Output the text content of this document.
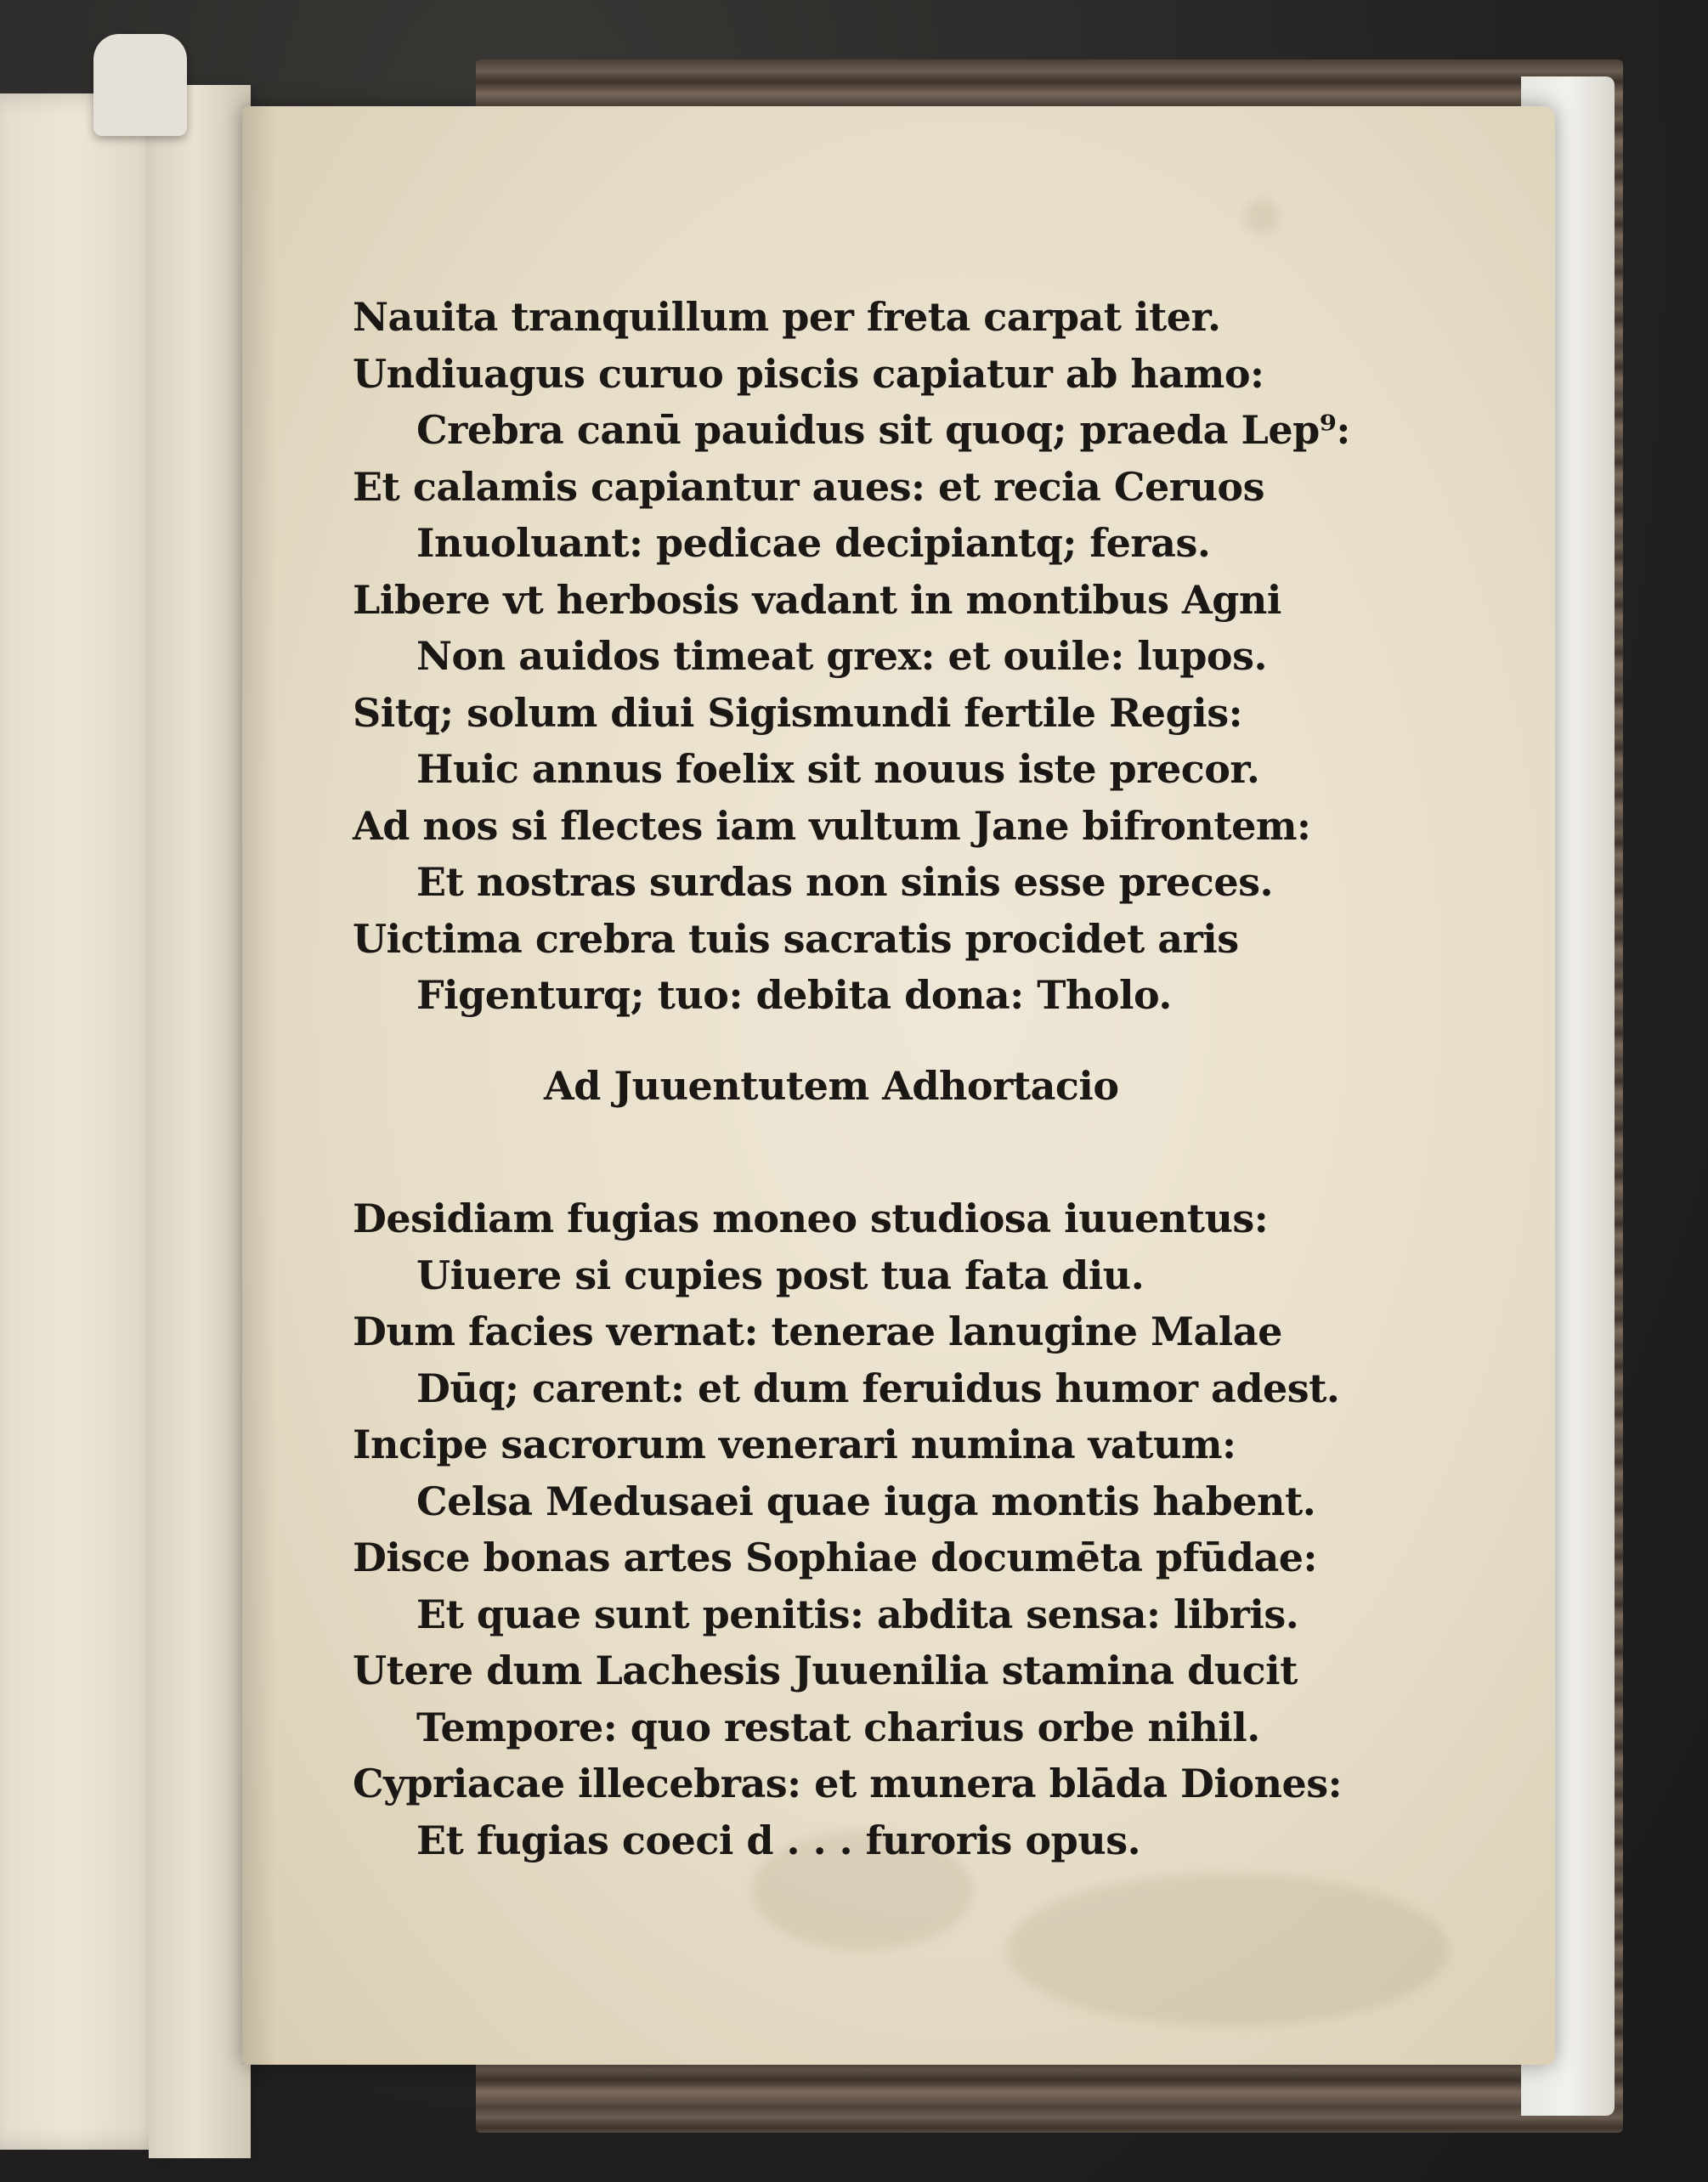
Nauita tranquillum per freta carpat iter.
Undiuagus curuo piscis capiatur ab hamo:
Crebra canū pauidus sit quoq; praeda Lep⁹:
Et calamis capiantur aues: et recia Ceruos
Inuoluant: pedicae decipiantq; feras.
Libere vt herbosis vadant in montibus Agni
Non auidos timeat grex: et ouile: lupos.
Sitq; solum diui Sigismundi fertile Regis:
Huic annus foelix sit nouus iste precor.
Ad nos si flectes iam vultum Jane bifrontem:
Et nostras surdas non sinis esse preces.
Uictima crebra tuis sacratis procidet aris
Figenturq; tuo: debita dona: Tholo.
Ad Juuentutem Adhortacio
Desidiam fugias moneo studiosa iuuentus:
Uiuere si cupies post tua fata diu.
Dum facies vernat: tenerae lanugine Malae
Dūq; carent: et dum feruidus humor adest.
Incipe sacrorum venerari numina vatum:
Celsa Medusaei quae iuga montis habent.
Disce bonas artes Sophiae documēta pfūdae:
Et quae sunt penitis: abdita sensa: libris.
Utere dum Lachesis Juuenilia stamina ducit
Tempore: quo restat charius orbe nihil.
Cypriacae illecebras: et munera blāda Diones:
Et fugias coeci d . . . furoris opus.
